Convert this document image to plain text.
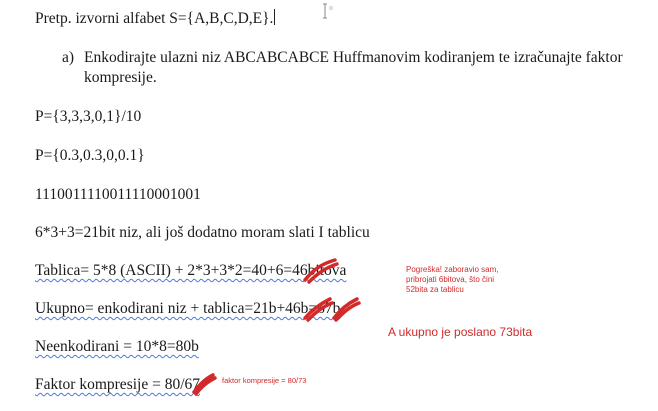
Pretp. izvorni alfabet S={A,B,C,D,E}.
a) Enkodirajte ulazni niz ABCABCABCE Huffmanovim kodiranjem te izračunajte faktor
kompresije.
P={3,3,3,0,1}/10
P={0.3,0.3,0,0.1}
1110011110011110001001
6*3+3=21bit niz, ali još dodatno moram slati I tablicu
Tablica= 5*8 (ASCII) + 2*3+3*2=40+6=46bitova
Ukupno= enkodirani niz + tablica=21b+46b=67b
Neenkodirani = 10*8=80b
Faktor kompresije = 80/67
Pogreška! zaboravio sam,
pribrojati 6bitova, što čini
52bita za tablicu
A ukupno je poslano 73bita
faktor kompresije = 80/73
